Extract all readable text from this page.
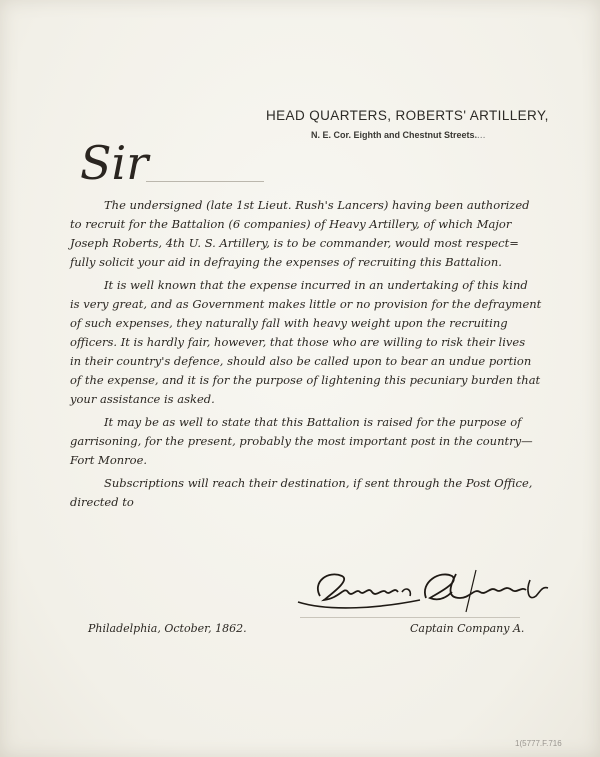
HEAD QUARTERS, ROBERTS' ARTILLERY,
N. E. Cor. Eighth and Chestnut Streets.
....
Sir
The undersigned (late 1st Lieut. Rush's Lancers) having been authorized
to recruit for the Battalion (6 companies) of Heavy Artillery, of which Major
Joseph Roberts, 4th U. S. Artillery, is to be commander, would most respect=
fully solicit your aid in defraying the expenses of recruiting this Battalion.
It is well known that the expense incurred in an undertaking of this kind
is very great, and as Government makes little or no provision for the defrayment
of such expenses, they naturally fall with heavy weight upon the recruiting
officers. It is hardly fair, however, that those who are willing to risk their lives
in their country's defence, should also be called upon to bear an undue portion
of the expense, and it is for the purpose of lightening this pecuniary burden that
your assistance is asked.
It may be as well to state that this Battalion is raised for the purpose of
garrisoning, for the present, probably the most important post in the country—
Fort Monroe.
Subscriptions will reach their destination, if sent through the Post Office,
directed to
Philadelphia, October, 1862.	Captain Company A.
1(5777.F.716
